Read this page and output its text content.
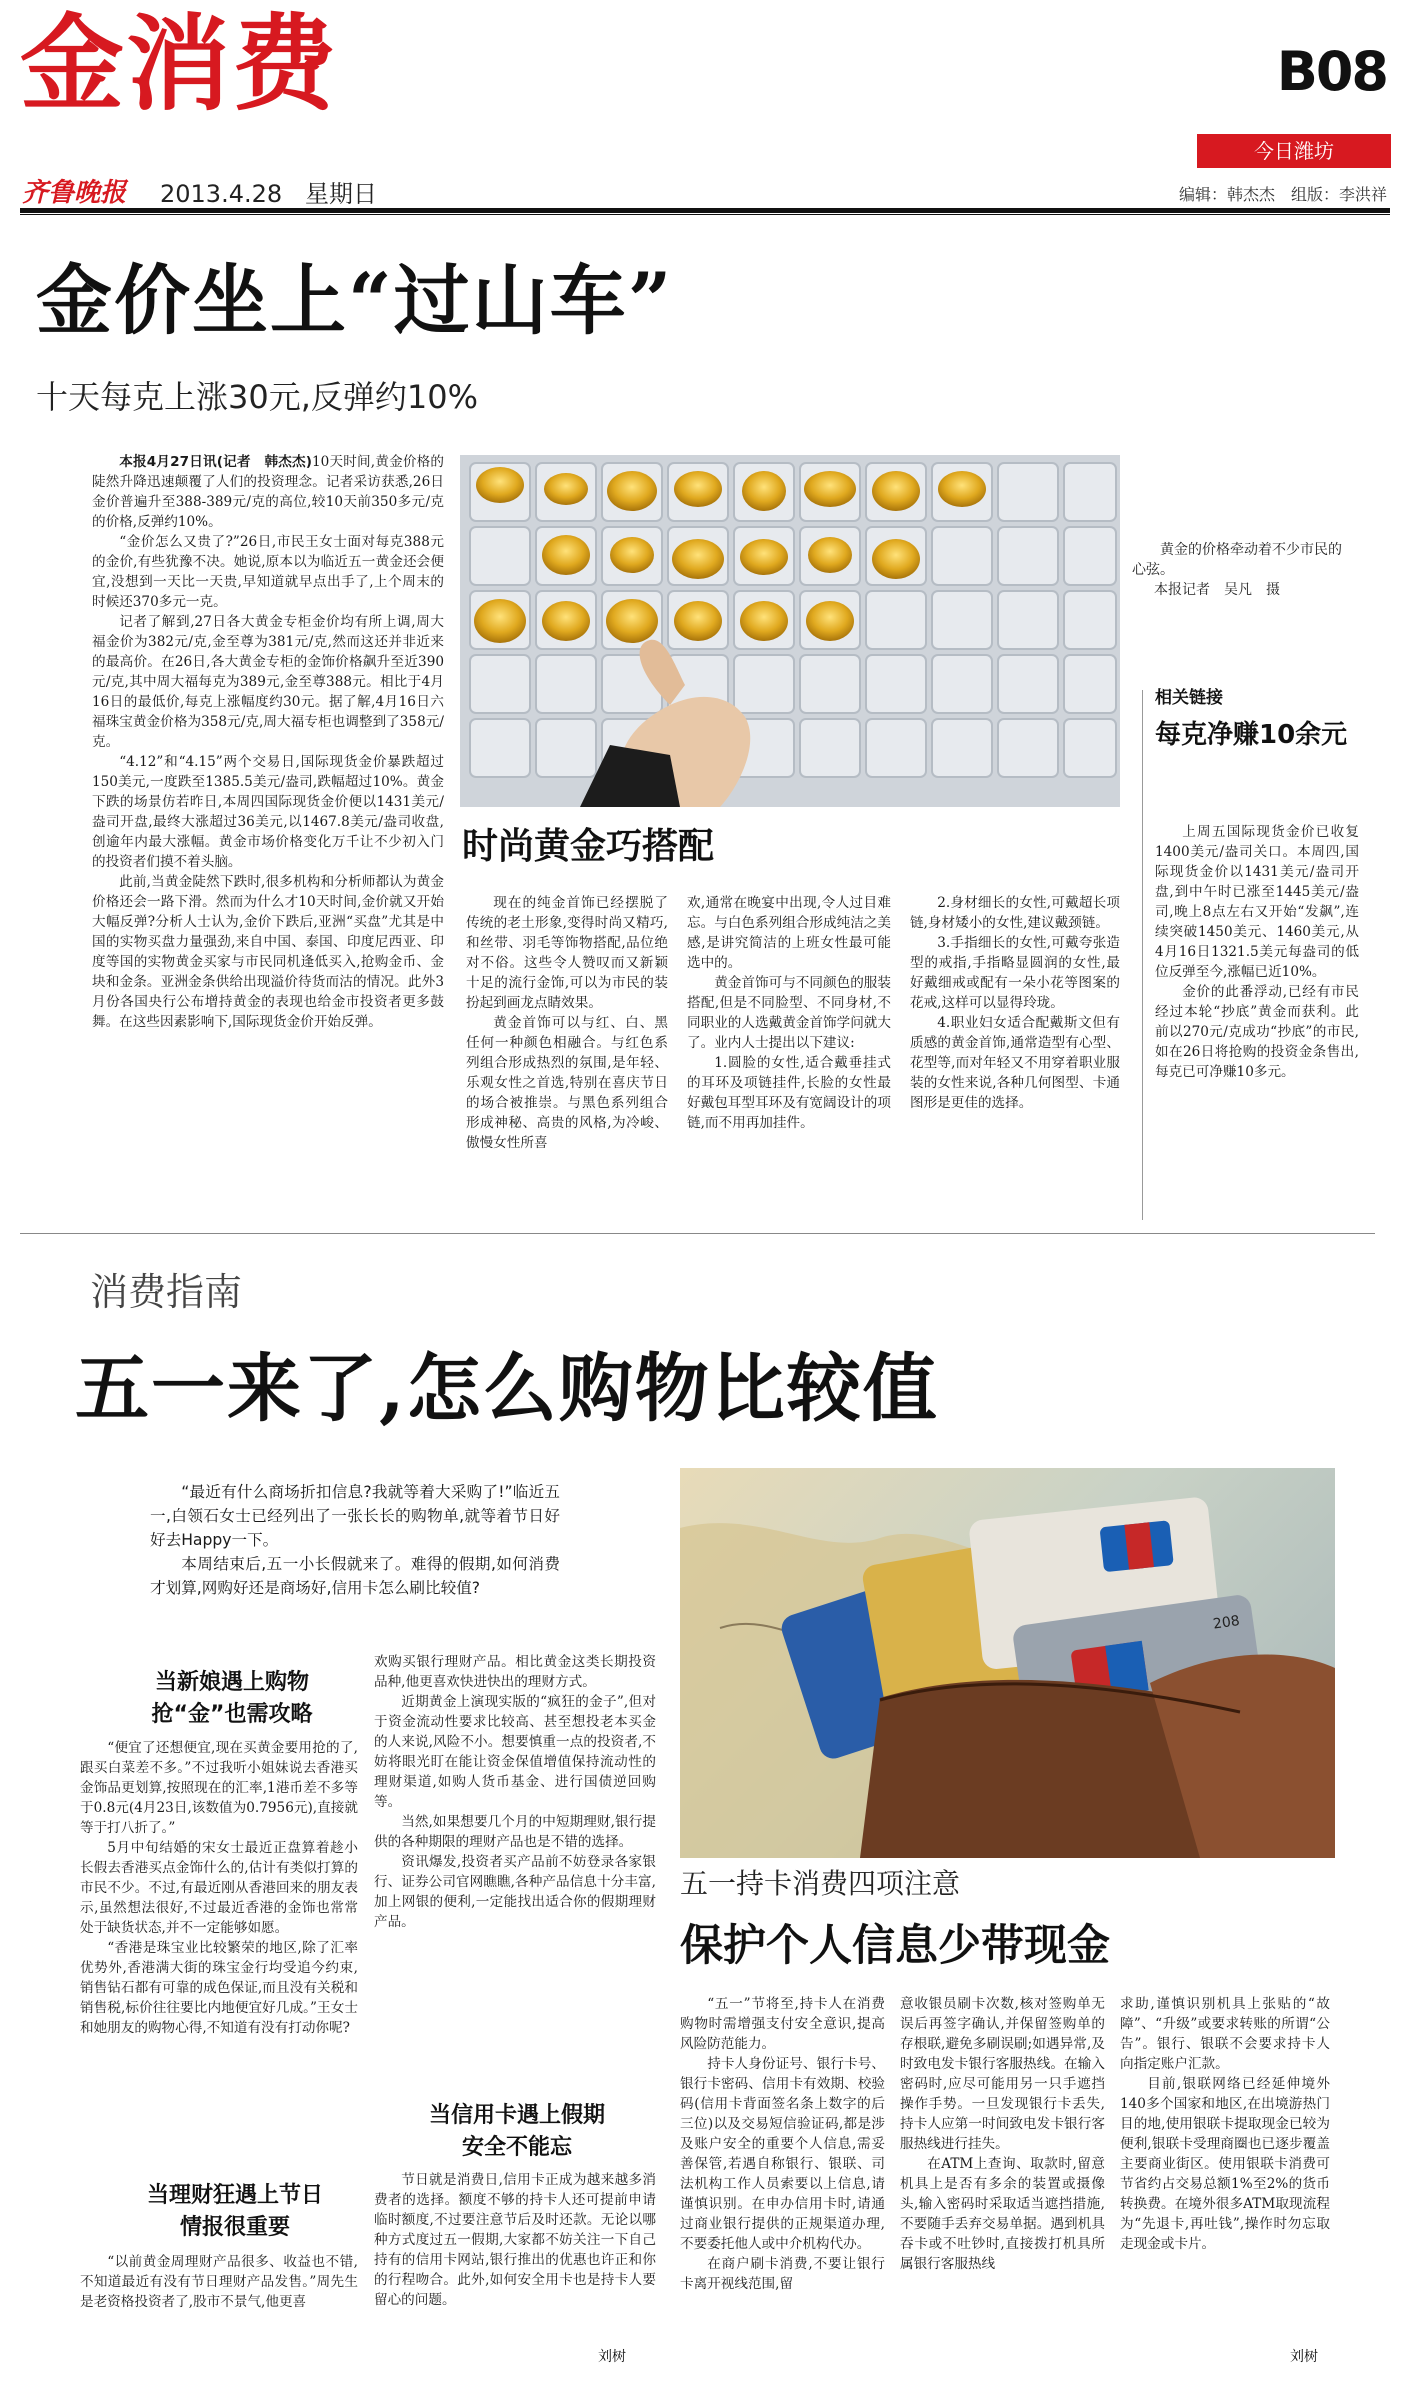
金消费	B08
今日潍坊
齐鲁晚报 2013.4.28 星期日	编辑：韩杰杰　组版：李洪祥
金价坐上“过山车”
十天每克上涨30元,反弹约10%

本报4月27日讯(记者　韩杰杰)10天时间,黄金价格的陡然升降迅速颠覆了人们的投资理念。记者采访获悉,26日金价普遍升至388-389元/克的高位,较10天前350多元/克的价格,反弹约10%。

“金价怎么又贵了?”26日,市民王女士面对每克388元的金价,有些犹豫不决。她说,原本以为临近五一黄金还会便宜,没想到一天比一天贵,早知道就早点出手了,上个周末的时候还370多元一克。

记者了解到,27日各大黄金专柜金价均有所上调,周大福金价为382元/克,金至尊为381元/克,然而这还并非近来的最高价。在26日,各大黄金专柜的金饰价格飙升至近390元/克,其中周大福每克为389元,金至尊388元。相比于4月16日的最低价,每克上涨幅度约30元。据了解,4月16日六福珠宝黄金价格为358元/克,周大福专柜也调整到了358元/克。

“4.12”和“4.15”两个交易日,国际现货金价暴跌超过150美元,一度跌至1385.5美元/盎司,跌幅超过10%。黄金下跌的场景仿若昨日,本周四国际现货金价便以1431美元/盎司开盘,最终大涨超过36美元,以1467.8美元/盎司收盘,创逾年内最大涨幅。黄金市场价格变化万千让不少初入门的投资者们摸不着头脑。

此前,当黄金陡然下跌时,很多机构和分析师都认为黄金价格还会一路下滑。然而为什么才10天时间,金价就又开始大幅反弹?分析人士认为,金价下跌后,亚洲“买盘”尤其是中国的实物买盘力量强劲,来自中国、泰国、印度尼西亚、印度等国的实物黄金买家与市民同机逢低买入,抢购金币、金块和金条。亚洲金条供给出现溢价待货而沽的情况。此外3月份各国央行公布增持黄金的表现也给金市投资者更多鼓舞。在这些因素影响下,国际现货金价开始反弹。

黄金的价格牵动着不少市民的心弦。
本报记者　吴凡　摄
相关链接
每克净赚10余元

上周五国际现货金价已收复1400美元/盎司关口。本周四,国际现货金价以1431美元/盎司开盘,到中午时已涨至1445美元/盎司,晚上8点左右又开始“发飙”,连续突破1450美元、1460美元,从4月16日1321.5美元每盎司的低位反弹至今,涨幅已近10%。

金价的此番浮动,已经有市民经过本轮“抄底”黄金而获利。此前以270元/克成功“抄底”的市民,如在26日将抢购的投资金条售出,每克已可净赚10多元。

时尚黄金巧搭配

现在的纯金首饰已经摆脱了传统的老土形象,变得时尚又精巧,和丝带、羽毛等饰物搭配,品位绝对不俗。这些令人赞叹而又新颖十足的流行金饰,可以为市民的装扮起到画龙点睛效果。

黄金首饰可以与红、白、黑任何一种颜色相融合。与红色系列组合形成热烈的氛围,是年轻、乐观女性之首选,特别在喜庆节日的场合被推崇。与黑色系列组合形成神秘、高贵的风格,为冷峻、傲慢女性所喜

欢,通常在晚宴中出现,令人过目难忘。与白色系列组合形成纯洁之美感,是讲究简洁的上班女性最可能选中的。

黄金首饰可与不同颜色的服装搭配,但是不同脸型、不同身材,不同职业的人选戴黄金首饰学问就大了。业内人士提出以下建议:

1.圆脸的女性,适合戴垂挂式的耳环及项链挂件,长脸的女性最好戴包耳型耳环及有宽阔设计的项链,而不用再加挂件。

2.身材细长的女性,可戴超长项链,身材矮小的女性,建议戴颈链。

3.手指细长的女性,可戴夸张造型的戒指,手指略显圆润的女性,最好戴细戒或配有一朵小花等图案的花戒,这样可以显得玲珑。

4.职业妇女适合配戴斯文但有质感的黄金首饰,通常造型有心型、花型等,而对年轻又不用穿着职业服装的女性来说,各种几何图型、卡通图形是更佳的选择。

消费指南
五一来了,怎么购物比较值

“最近有什么商场折扣信息?我就等着大采购了!”临近五一,白领石女士已经列出了一张长长的购物单,就等着节日好好去Happy一下。

本周结束后,五一小长假就来了。难得的假期,如何消费才划算,网购好还是商场好,信用卡怎么刷比较值?

当新娘遇上购物
抢“金”也需攻略

“便宜了还想便宜,现在买黄金要用抢的了,跟买白菜差不多。”不过我听小姐妹说去香港买金饰品更划算,按照现在的汇率,1港币差不多等于0.8元(4月23日,该数值为0.7956元),直接就等于打八折了。”

5月中旬结婚的宋女士最近正盘算着趁小长假去香港买点金饰什么的,估计有类似打算的市民不少。不过,有最近刚从香港回来的朋友表示,虽然想法很好,不过最近香港的金饰也常常处于缺货状态,并不一定能够如愿。

“香港是珠宝业比较繁荣的地区,除了汇率优势外,香港满大街的珠宝金行均受追今约束,销售钻石都有可靠的成色保证,而且没有关税和销售税,标价往往要比内地便宜好几成。”王女士和她朋友的购物心得,不知道有没有打动你呢?

当理财狂遇上节日
情报很重要

“以前黄金周理财产品很多、收益也不错,不知道最近有没有节日理财产品发售。”周先生是老资格投资者了,股市不景气,他更喜

欢购买银行理财产品。相比黄金这类长期投资品种,他更喜欢快进快出的理财方式。

近期黄金上演现实版的“疯狂的金子”,但对于资金流动性要求比较高、甚至想投老本买金的人来说,风险不小。想要慎重一点的投资者,不妨将眼光盯在能让资金保值增值保持流动性的理财渠道,如购人货币基金、进行国债逆回购等。

当然,如果想要几个月的中短期理财,银行提供的各种期限的理财产品也是不错的选择。

资讯爆发,投资者买产品前不妨登录各家银行、证券公司官网瞧瞧,各种产品信息十分丰富,加上网银的便利,一定能找出适合你的假期理财产品。

当信用卡遇上假期
安全不能忘

节日就是消费日,信用卡正成为越来越多消费者的选择。额度不够的持卡人还可提前申请临时额度,不过要注意节后及时还款。无论以哪种方式度过五一假期,大家都不妨关注一下自己持有的信用卡网站,银行推出的优惠也许正和你的行程吻合。此外,如何安全用卡也是持卡人要留心的问题。

刘树
208
五一持卡消费四项注意
保护个人信息少带现金

“五一”节将至,持卡人在消费购物时需增强支付安全意识,提高风险防范能力。

持卡人身份证号、银行卡号、银行卡密码、信用卡有效期、校验码(信用卡背面签名条上数字的后三位)以及交易短信验证码,都是涉及账户安全的重要个人信息,需妥善保管,若遇自称银行、银联、司法机构工作人员索要以上信息,请谨慎识别。在申办信用卡时,请通过商业银行提供的正规渠道办理,不要委托他人或中介机构代办。

在商户刷卡消费,不要让银行卡离开视线范围,留

意收银员刷卡次数,核对签购单无误后再签字确认,并保留签购单的存根联,避免多刷误刷;如遇异常,及时致电发卡银行客服热线。在输入密码时,应尽可能用另一只手遮挡操作手势。一旦发现银行卡丢失,持卡人应第一时间致电发卡银行客服热线进行挂失。

在ATM上查询、取款时,留意机具上是否有多余的装置或摄像头,输入密码时采取适当遮挡措施,不要随手丢弃交易单据。遇到机具吞卡或不吐钞时,直接拨打机具所属银行客服热线

求助,谨慎识别机具上张贴的“故障”、“升级”或要求转账的所谓“公告”。银行、银联不会要求持卡人向指定账户汇款。

目前,银联网络已经延伸境外140多个国家和地区,在出境游热门目的地,使用银联卡提取现金已较为便利,银联卡受理商圈也已逐步覆盖主要商业街区。使用银联卡消费可节省约占交易总额1%至2%的货币转换费。在境外很多ATM取现流程为“先退卡,再吐钱”,操作时勿忘取走现金或卡片。

刘树
